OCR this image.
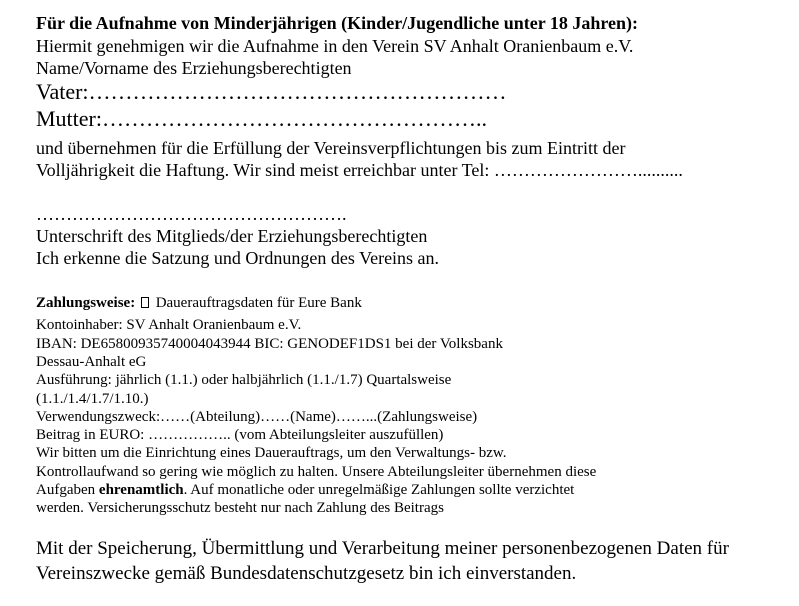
Für die Aufnahme von Minderjährigen (Kinder/Jugendliche unter 18 Jahren):
Hiermit genehmigen wir die Aufnahme in den Verein SV Anhalt Oranienbaum e.V.
Name/Vorname des Erziehungsberechtigten
Vater:…………………………………………………
Mutter:……………………………………………..
und übernehmen für die Erfüllung der Vereinsverpflichtungen bis zum Eintritt der
Volljährigkeit die Haftung. Wir sind meist erreichbar unter Tel: ……………………..........
…………………………………………….
Unterschrift des Mitglieds/der Erziehungsberechtigten
Ich erkenne die Satzung und Ordnungen des Vereins an.
Zahlungsweise: Dauerauftragsdaten für Eure Bank
Kontoinhaber: SV Anhalt Oranienbaum e.V.
IBAN: DE65800935740004043944 BIC: GENODEF1DS1 bei der Volksbank
Dessau-Anhalt eG
Ausführung: jährlich (1.1.) oder halbjährlich (1.1./1.7) Quartalsweise
(1.1./1.4/1.7/1.10.)
Verwendungszweck:……(Abteilung)……(Name)……...(Zahlungsweise)
Beitrag in EURO: …………….. (vom Abteilungsleiter auszufüllen)
Wir bitten um die Einrichtung eines Dauerauftrags, um den Verwaltungs- bzw.
Kontrollaufwand so gering wie möglich zu halten. Unsere Abteilungsleiter übernehmen diese
Aufgaben ehrenamtlich. Auf monatliche oder unregelmäßige Zahlungen sollte verzichtet
werden. Versicherungsschutz besteht nur nach Zahlung des Beitrags
Mit der Speicherung, Übermittlung und Verarbeitung meiner personenbezogenen Daten für
Vereinszwecke gemäß Bundesdatenschutzgesetz bin ich einverstanden.
